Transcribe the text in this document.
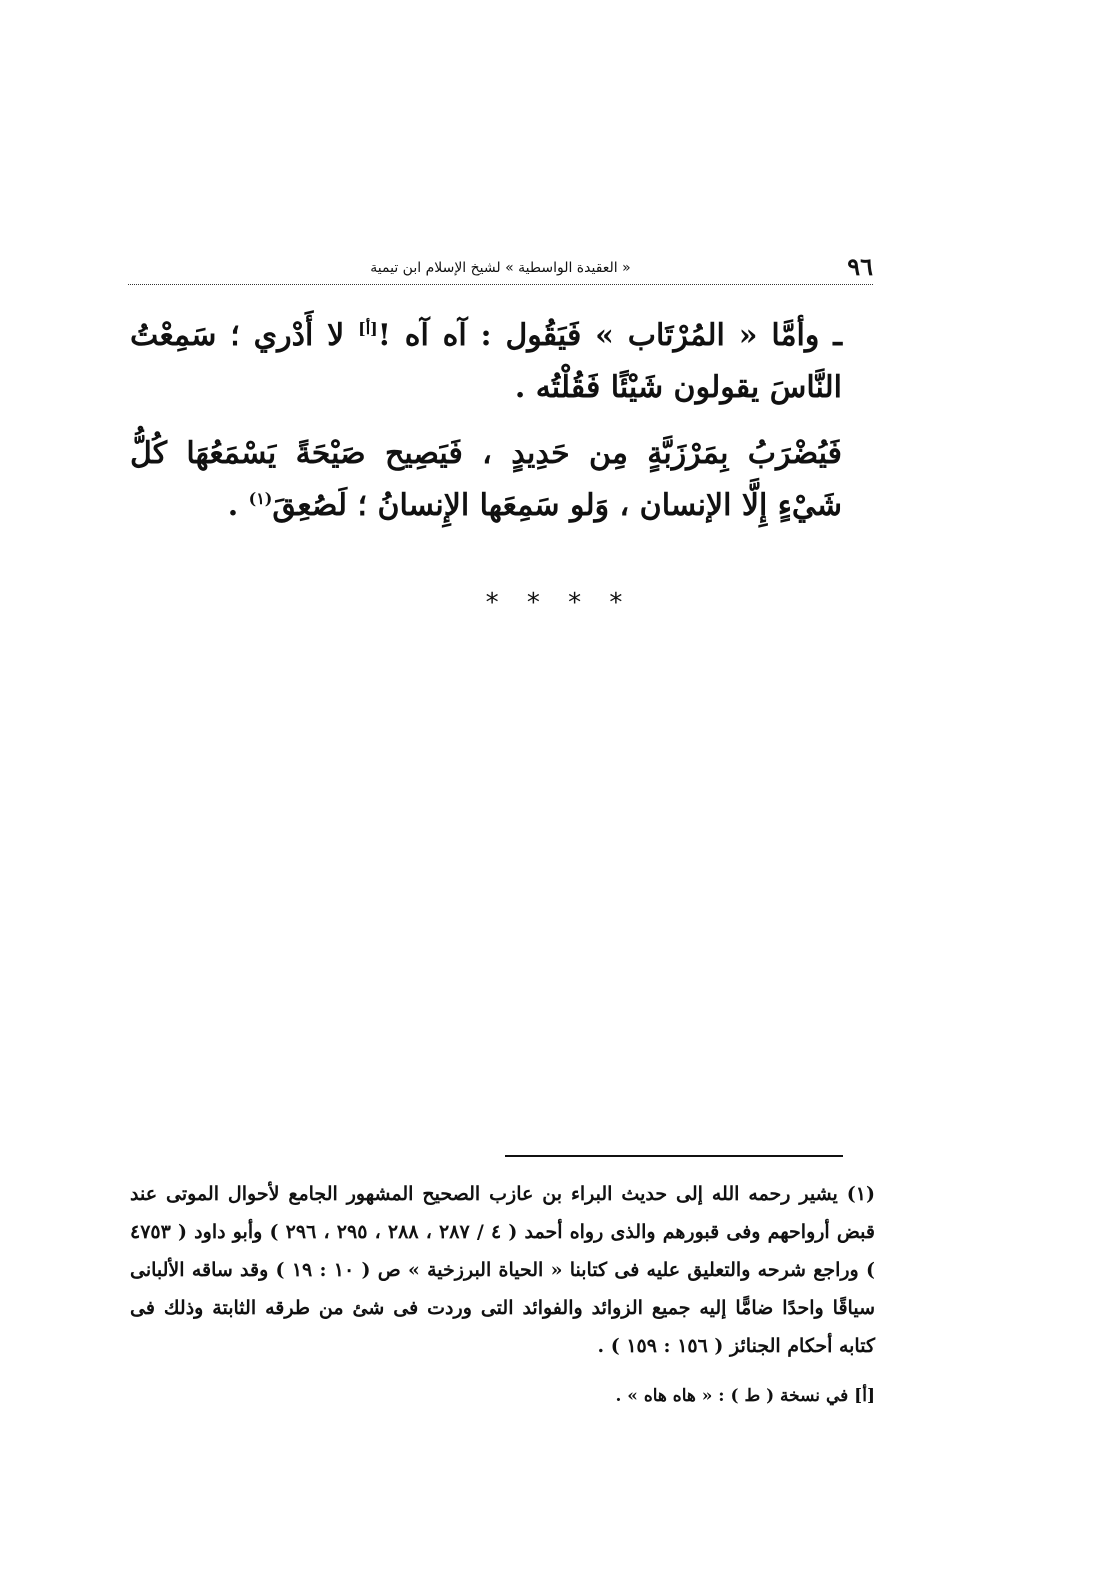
٩٦
« العقيدة الواسطية » لشيخ الإسلام ابن تيمية

ـ وأمَّا « المُرْتَاب » فَيَقُول : آه آه ![أ] لا أَدْري ؛ سَمِعْتُ النَّاسَ يقولون شَيْئًا فَقُلْتُه .

فَيُضْرَبُ بِمَرْزَبَّةٍ مِن حَدِيدٍ ، فَيَصِيح صَيْحَةً يَسْمَعُهَا كُلُّ شَيْءٍ إِلَّا الإنسان ، وَلو سَمِعَها الإِنسانُ ؛ لَصُعِقَ$^{(١)}$ .

* * * *

(١) يشير رحمه الله إلى حديث البراء بن عازب الصحيح المشهور الجامع لأحوال الموتى عند قبض أرواحهم وفى قبورهم والذى رواه أحمد ( ٤ / ٢٨٧ ، ٢٨٨ ، ٢٩٥ ، ٢٩٦ ) وأبو داود ( ٤٧٥٣ ) وراجع شرحه والتعليق عليه فى كتابنا « الحياة البرزخية » ص ( ١٠ : ١٩ ) وقد ساقه الألبانى سياقًا واحدًا ضامًّا إليه جميع الزوائد والفوائد التى وردت فى شئ من طرقه الثابتة وذلك فى كتابه أحكام الجنائز ( ١٥٦ : ١٥٩ ) .

[أ] في نسخة ( ط ) : « هاه هاه » .
